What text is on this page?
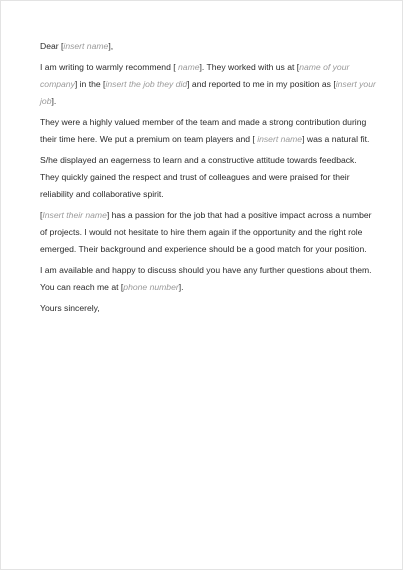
Dear [insert name],

I am writing to warmly recommend [ name]. They worked with us at [name of your company] in the [insert the job they did] and reported to me in my position as [insert your job].

They were a highly valued member of the team and made a strong contribution during their time here. We put a premium on team players and [ insert name] was a natural fit.

S/he displayed an eagerness to learn and a constructive attitude towards feedback. They quickly gained the respect and trust of colleagues and were praised for their reliability and collaborative spirit.

[Insert their name] has a passion for the job that had a positive impact across a number of projects. I would not hesitate to hire them again if the opportunity and the right role emerged. Their background and experience should be a good match for your position.

I am available and happy to discuss should you have any further questions about them. You can reach me at [phone number].

Yours sincerely,
